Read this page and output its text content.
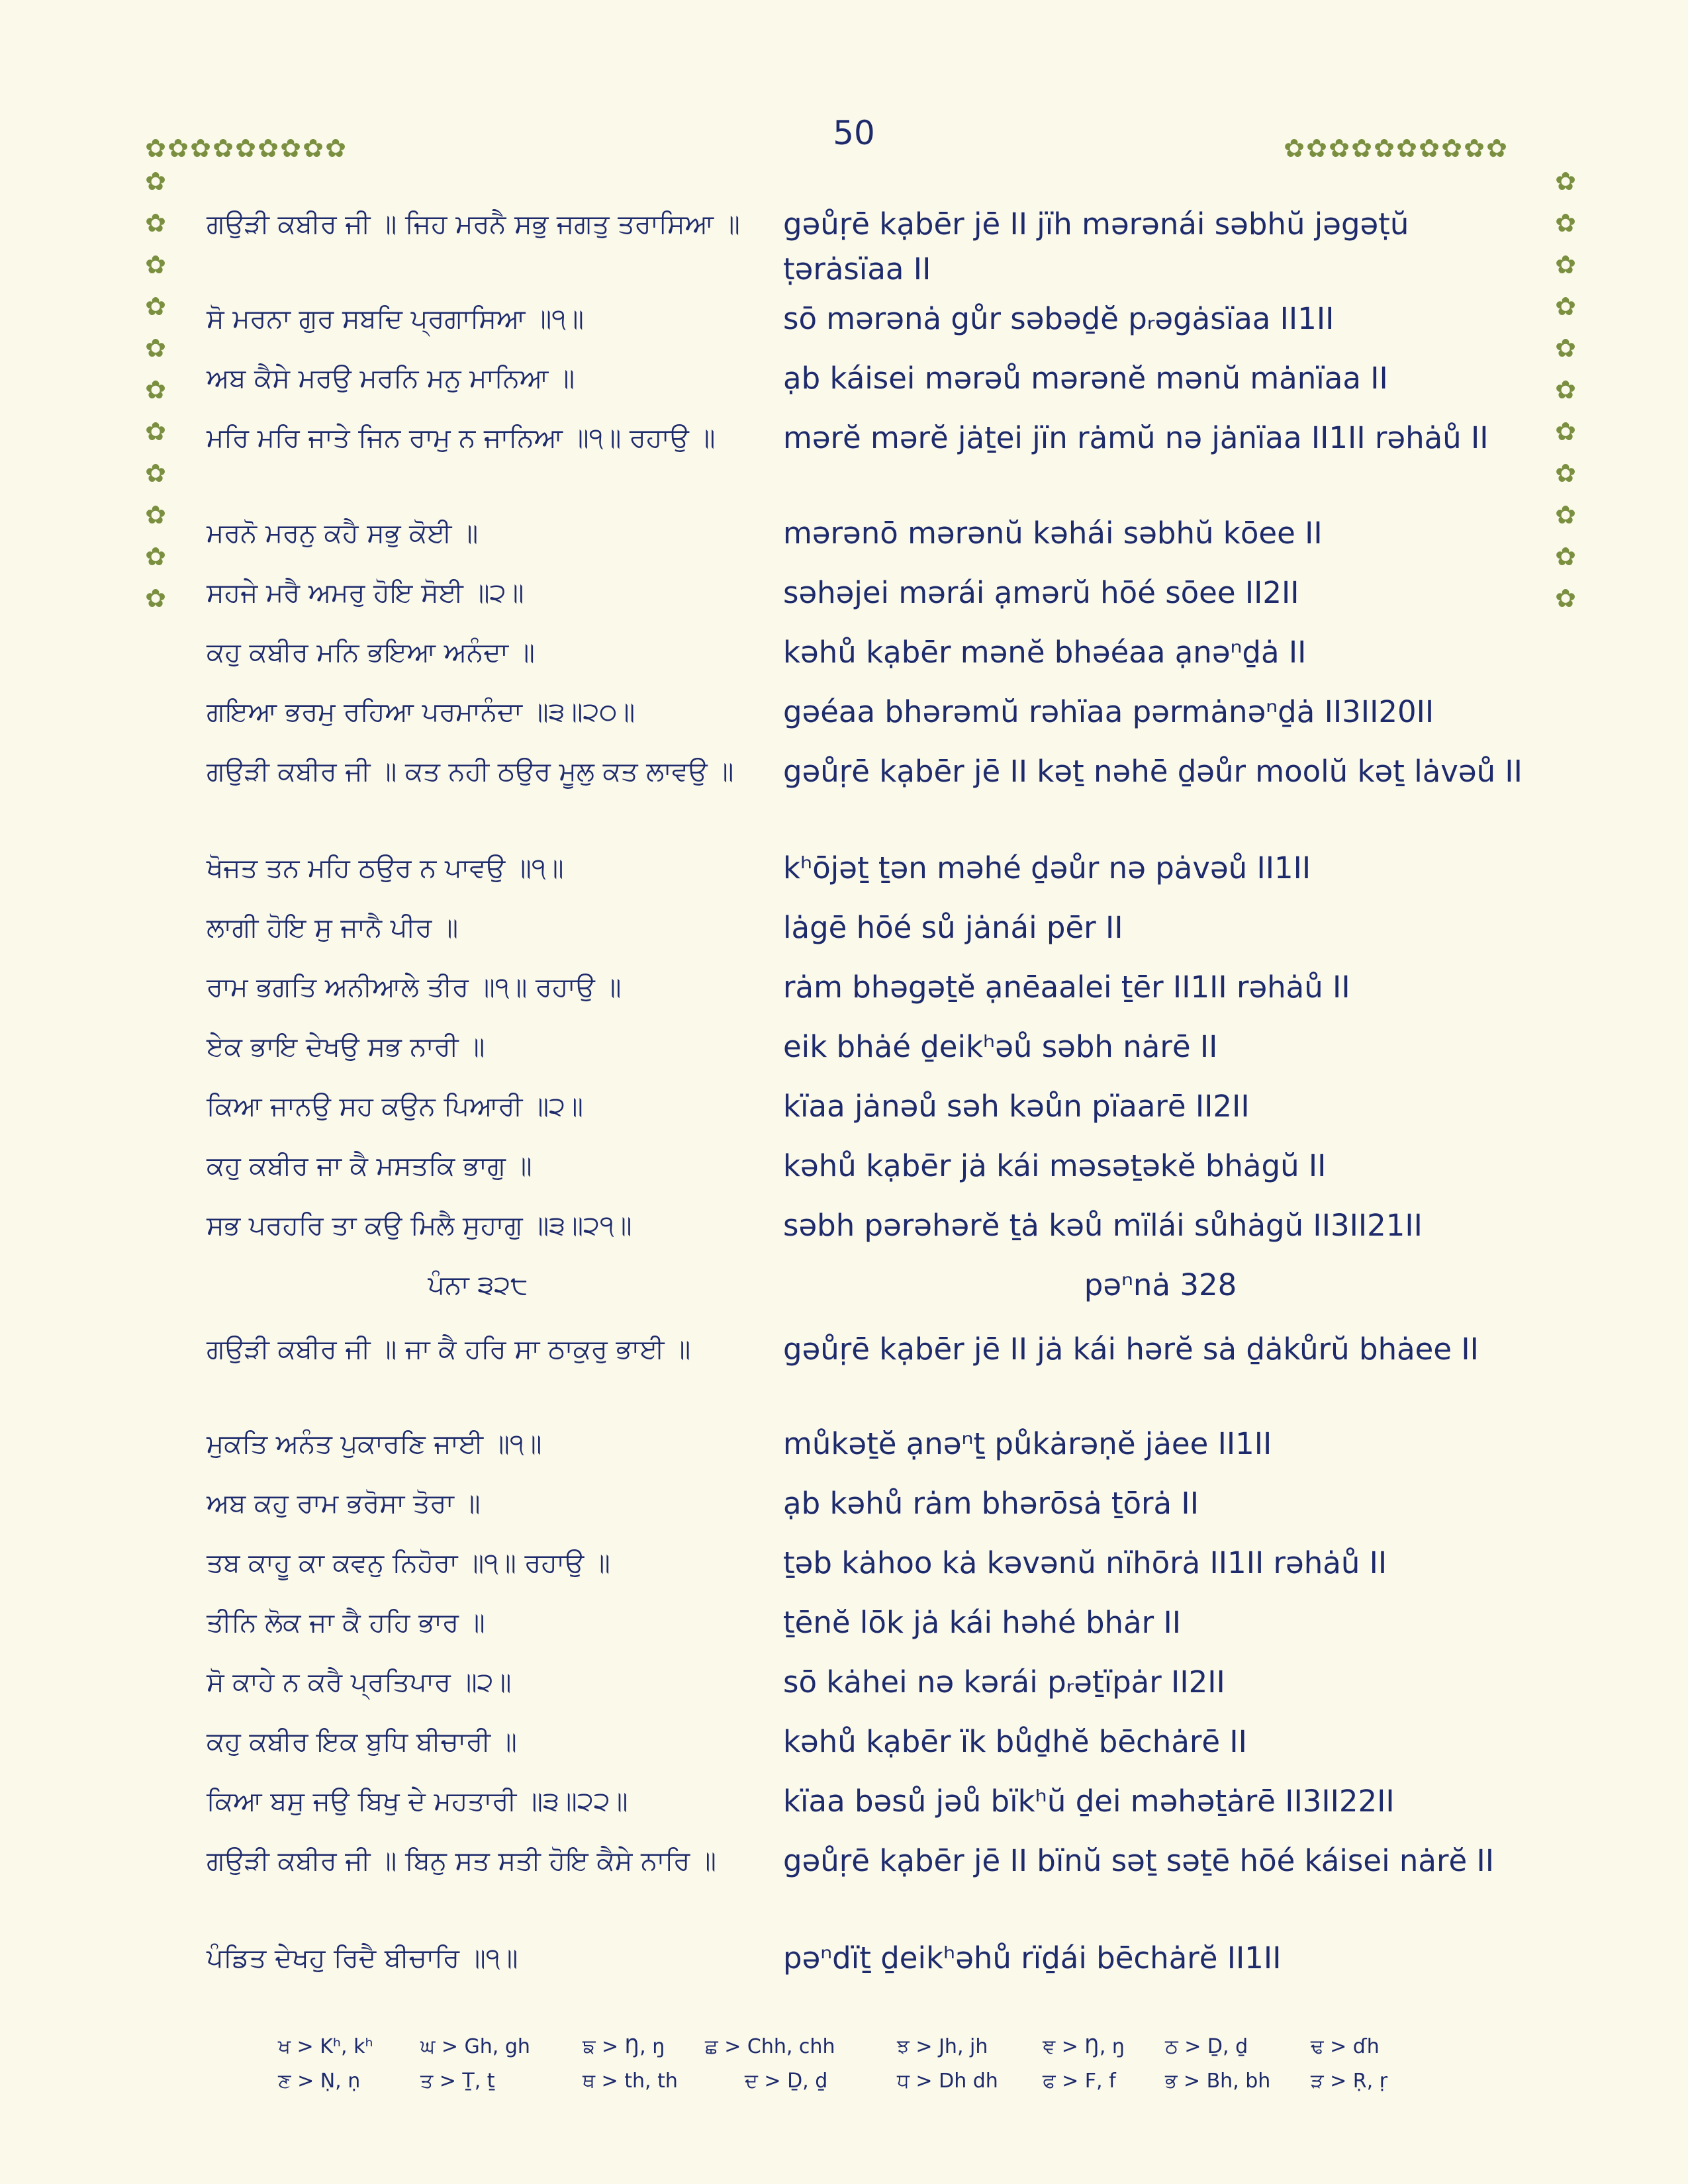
50
✿ ✿ ✿ ✿ ✿ ✿ ✿ ✿ ✿
✿
✿
✿
✿
✿
✿
✿
✿
✿
✿
✿
✿ ✿ ✿ ✿ ✿ ✿ ✿ ✿ ✿ ✿
✿
✿
✿
✿
✿
✿
✿
✿
✿
✿
✿
ਗਉੜੀ ਕਬੀਰ ਜੀ ॥ ਜਿਹ ਮਰਨੈ ਸਭੁ ਜਗਤੁ ਤਰਾਸਿਆ ॥	gəůṛē kạbēr jē II jïh mərənái səbhŭ jəgəṭŭ ṭərȧsïaa II
ਸੋ ਮਰਨਾ ਗੁਰ ਸਬਦਿ ਪ੍ਰਗਾਸਿਆ ॥੧॥	sō mərənȧ gůr səbəḏĕ pᵣəgȧsïaa II1II
ਅਬ ਕੈਸੇ ਮਰਉ ਮਰਨਿ ਮਨੁ ਮਾਨਿਆ ॥	ạb káisei mərəů mərənĕ mənŭ mȧnïaa II
ਮਰਿ ਮਰਿ ਜਾਤੇ ਜਿਨ ਰਾਮੁ ਨ ਜਾਨਿਆ ॥੧॥ ਰਹਾਉ ॥	mərĕ mərĕ jȧṯei jïn rȧmŭ nə jȧnïaa II1II rəhȧů II
ਮਰਨੋ ਮਰਨੁ ਕਹੈ ਸਭੁ ਕੋਈ ॥	mərənō mərənŭ kəhái səbhŭ kōee II
ਸਹਜੇ ਮਰੈ ਅਮਰੁ ਹੋਇ ਸੋਈ ॥੨॥	səhəjei mərái ạmərŭ hōé sōee II2II
ਕਹੁ ਕਬੀਰ ਮਨਿ ਭਇਆ ਅਨੰਦਾ ॥	kəhů kạbēr mənĕ bhəéaa ạnəⁿḏȧ II
ਗਇਆ ਭਰਮੁ ਰਹਿਆ ਪਰਮਾਨੰਦਾ ॥੩॥੨੦॥	gəéaa bhərəmŭ rəhïaa pərmȧnəⁿḏȧ II3II20II
ਗਉੜੀ ਕਬੀਰ ਜੀ ॥ ਕਤ ਨਹੀ ਠਉਰ ਮੂਲੁ ਕਤ ਲਾਵਉ ॥	gəůṛē kạbēr jē II kəṯ nəhē ḏəůr moolŭ kəṯ lȧvəů II
ਖੋਜਤ ਤਨ ਮਹਿ ਠਉਰ ਨ ਪਾਵਉ ॥੧॥	kʰōjəṯ ṯən məhé ḏəůr nə pȧvəů II1II
ਲਾਗੀ ਹੋਇ ਸੁ ਜਾਨੈ ਪੀਰ ॥	lȧgē hōé sů jȧnái pēr II
ਰਾਮ ਭਗਤਿ ਅਨੀਆਲੇ ਤੀਰ ॥੧॥ ਰਹਾਉ ॥	rȧm bhəgəṯĕ ạnēaalei ṯēr II1II rəhȧů II
ਏਕ ਭਾਇ ਦੇਖਉ ਸਭ ਨਾਰੀ ॥	eik bhȧé ḏeikʰəů səbh nȧrē II
ਕਿਆ ਜਾਨਉ ਸਹ ਕਉਨ ਪਿਆਰੀ ॥੨॥	kïaa jȧnəů səh kəůn pïaarē II2II
ਕਹੁ ਕਬੀਰ ਜਾ ਕੈ ਮਸਤਕਿ ਭਾਗੁ ॥	kəhů kạbēr jȧ kái məsəṯəkĕ bhȧgŭ II
ਸਭ ਪਰਹਰਿ ਤਾ ਕਉ ਮਿਲੈ ਸੁਹਾਗੁ ॥੩॥੨੧॥	səbh pərəhərĕ ṯȧ kəů mïlái sůhȧgŭ II3II21II
ਪੰਨਾ ੩੨੮	pəⁿnȧ 328
ਗਉੜੀ ਕਬੀਰ ਜੀ ॥ ਜਾ ਕੈ ਹਰਿ ਸਾ ਠਾਕੁਰੁ ਭਾਈ ॥	gəůṛē kạbēr jē II jȧ kái hərĕ sȧ ḏȧkůrŭ bhȧee II
ਮੁਕਤਿ ਅਨੰਤ ਪੁਕਾਰਣਿ ਜਾਈ ॥੧॥	můkəṯĕ ạnəⁿṯ půkȧrəṇĕ jȧee II1II
ਅਬ ਕਹੁ ਰਾਮ ਭਰੋਸਾ ਤੋਰਾ ॥	ạb kəhů rȧm bhərōsȧ ṯōrȧ II
ਤਬ ਕਾਹੂ ਕਾ ਕਵਨੁ ਨਿਹੋਰਾ ॥੧॥ ਰਹਾਉ ॥	ṯəb kȧhoo kȧ kəvənŭ nïhōrȧ II1II rəhȧů II
ਤੀਨਿ ਲੋਕ ਜਾ ਕੈ ਹਹਿ ਭਾਰ ॥	ṯēnĕ lōk jȧ kái həhé bhȧr II
ਸੋ ਕਾਹੇ ਨ ਕਰੈ ਪ੍ਰਤਿਪਾਰ ॥੨॥	sō kȧhei nə kərái pᵣəṯïpȧr II2II
ਕਹੁ ਕਬੀਰ ਇਕ ਬੁਧਿ ਬੀਚਾਰੀ ॥	kəhů kạbēr ïk bůḏhĕ bēchȧrē II
ਕਿਆ ਬਸੁ ਜਉ ਬਿਖੁ ਦੇ ਮਹਤਾਰੀ ॥੩॥੨੨॥	kïaa bəsů jəů bïkʰŭ ḏei məhəṯȧrē II3II22II
ਗਉੜੀ ਕਬੀਰ ਜੀ ॥ ਬਿਨੁ ਸਤ ਸਤੀ ਹੋਇ ਕੈਸੇ ਨਾਰਿ ॥	gəůṛē kạbēr jē II bïnŭ səṯ səṯē hōé káisei nȧrĕ II
ਪੰਡਿਤ ਦੇਖਹੁ ਰਿਦੈ ਬੀਚਾਰਿ ॥੧॥	pəⁿdïṯ ḏeikʰəhů rïḏái bēchȧrĕ II1II
ਖ > Kʰ, kʰ ਘ > Gh, gh	ਙ > Ŋ, ŋ ਛ > Chh, chh	ਝ > Jh, jh	ਞ > Ŋ, ŋ ਠ > Ḏ, ḏ	ਢ > ɗh
ਣ > Ṇ, ṇ	ਤ > Ṯ, ṯ	ਥ > th, th	ਦ > Ḏ, ḏ	ਧ > Dh dh ਫ > F, f ਭ > Bh, bh ੜ > Ṛ, ṛ
